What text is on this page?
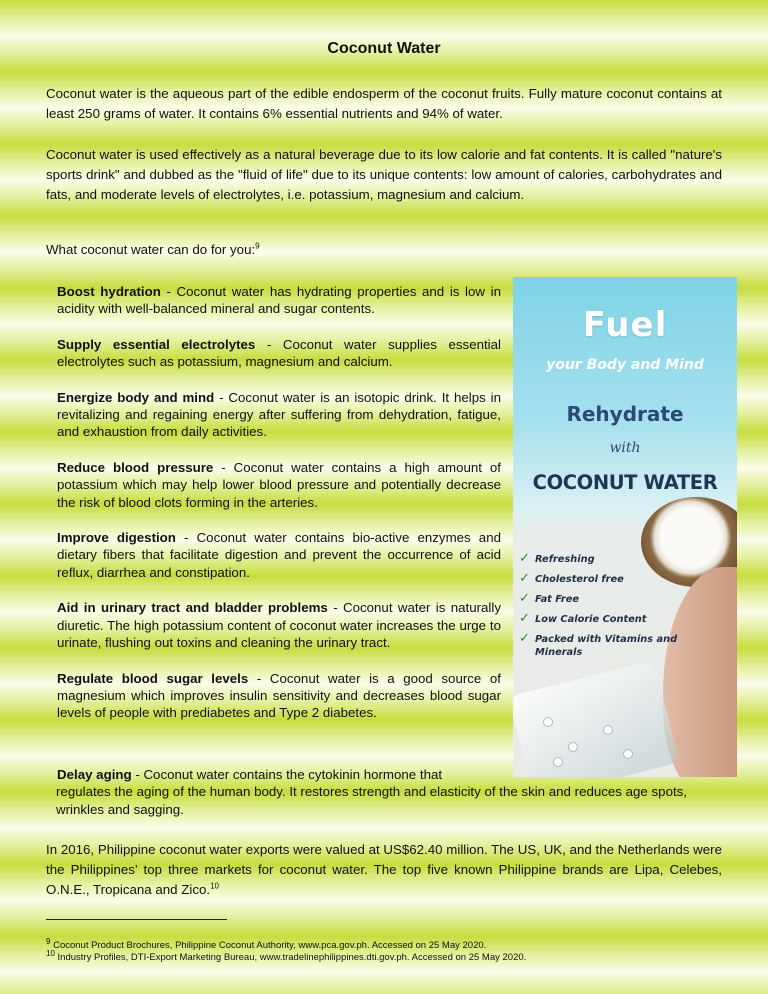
Coconut Water

Coconut water is the aqueous part of the edible endosperm of the coconut fruits. Fully mature coconut contains at least 250 grams of water. It contains 6% essential nutrients and 94% of water.

Coconut water is used effectively as a natural beverage due to its low calorie and fat contents. It is called "nature's sports drink" and dubbed as the "fluid of life" due to its unique contents: low amount of calories, carbohydrates and fats, and moderate levels of electrolytes, i.e. potassium, magnesium and calcium.

What coconut water can do for you:$^9$

Boost hydration - Coconut water has hydrating properties and is low in acidity with well-balanced mineral and sugar contents.

Supply essential electrolytes - Coconut water supplies essential electrolytes such as potassium, magnesium and calcium.

Energize body and mind - Coconut water is an isotopic drink. It helps in revitalizing and regaining energy after suffering from dehydration, fatigue, and exhaustion from daily activities.

Reduce blood pressure - Coconut water contains a high amount of potassium which may help lower blood pressure and potentially decrease the risk of blood clots forming in the arteries.

Improve digestion - Coconut water contains bio-active enzymes and dietary fibers that facilitate digestion and prevent the occurrence of acid reflux, diarrhea and constipation.

Aid in urinary tract and bladder problems - Coconut water is naturally diuretic. The high potassium content of coconut water increases the urge to urinate, flushing out toxins and cleaning the urinary tract.

Regulate blood sugar levels - Coconut water is a good source of magnesium which improves insulin sensitivity and decreases blood sugar levels of people with prediabetes and Type 2 diabetes.

Delay aging - Coconut water contains the cytokinin hormone that
regulates the aging of the human body. It restores strength and elasticity of the skin and reduces age spots, wrinkles and sagging.

Fuel
your Body and Mind
Rehydrate
with
COCONUT WATER
✓ Refreshing
✓ Cholesterol free
✓ Fat Free
✓ Low Calorie Content
✓ Packed with Vitamins and Minerals

In 2016, Philippine coconut water exports were valued at US$62.40 million. The US, UK, and the Netherlands were the Philippines’ top three markets for coconut water. The top five known Philippine brands are Lipa, Celebes, O.N.E., Tropicana and Zico.$^{10}$

$^9$ Coconut Product Brochures, Philippine Coconut Authority, www.pca.gov.ph. Accessed on 25 May 2020.

$^{10}$ Industry Profiles, DTI-Export Marketing Bureau, www.tradelinephilippines.dti.gov.ph. Accessed on 25 May 2020.
